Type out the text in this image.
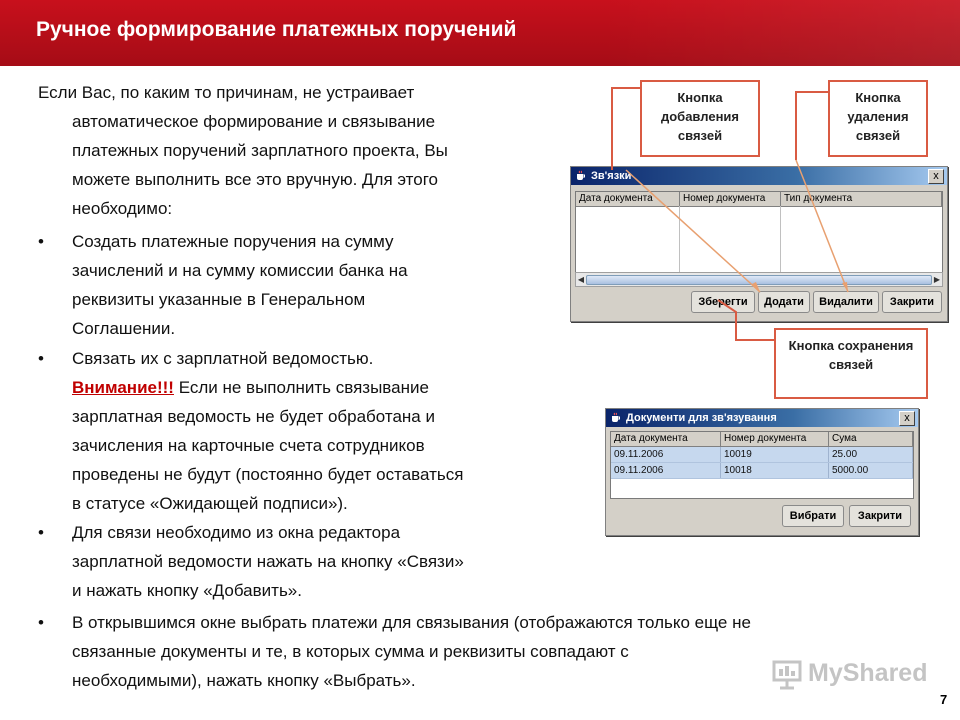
Ручное формирование платежных поручений
Если Вас, по каким то причинам, не устраивает
автоматическое формирование и связывание
платежных поручений зарплатного проекта, Вы
можете выполнить все это вручную. Для этого
необходимо:
• Создать платежные поручения на сумму
зачислений и на сумму комиссии банка на
реквизиты указанные в Генеральном
Соглашении.
• Связать их с зарплатной ведомостью.
Внимание!!! Если не выполнить связывание
зарплатная ведомость не будет обработана и
зачисления на карточные счета сотрудников
проведены не будут (постоянно будет оставаться
в статусе «Ожидающей подписи»).
• Для связи необходимо из окна редактора
зарплатной ведомости нажать на кнопку «Связи»
и нажать кнопку «Добавить».
• В открывшимся окне выбрать платежи для связывания (отображаются только еще не
связанные документы и те, в которых сумма и реквизиты совпадают с
необходимыми), нажать кнопку «Выбрать».
Зв'язки	x
Дата документа	Номер документа	Тип документа
◀	▶
Зберегти	Додати	Видалити	Закрити
Документи для зв'язування	x
Дата документа	Номер документа	Сума
09.11.2006	10019	25.00
09.11.2006	10018	5000.00
Вибрати	Закрити
Кнопка добавления связей
Кнопка удаления связей
Кнопка сохранения связей
MyShared
7
